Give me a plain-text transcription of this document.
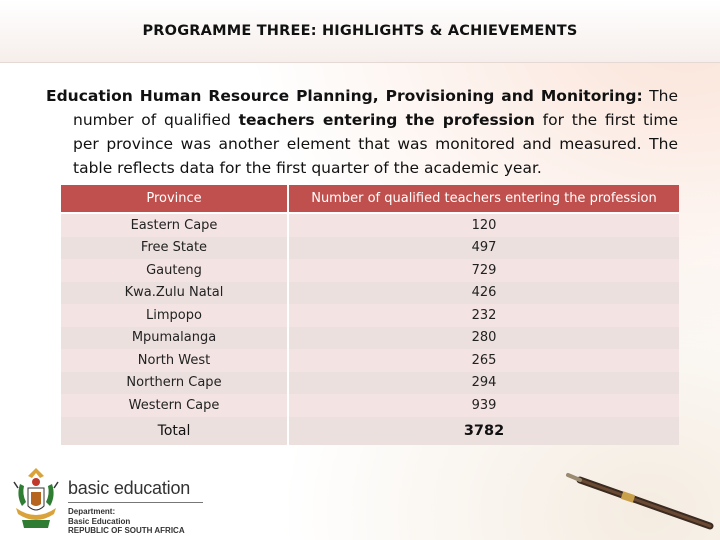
PROGRAMME THREE: HIGHLIGHTS & ACHIEVEMENTS
Education Human Resource Planning, Provisioning and Monitoring: The number of qualified teachers entering the profession for the first time per province was another element that was monitored and measured. The table reflects data for the first quarter of the academic year.
Province	Number of qualified teachers entering the profession
Eastern Cape	120
Free State	497
Gauteng	729
Kwa.Zulu Natal	426
Limpopo	232
Mpumalanga	280
North West	265
Northern Cape	294
Western Cape	939
Total	3782
basic education
Department:
Basic Education
REPUBLIC OF SOUTH AFRICA
